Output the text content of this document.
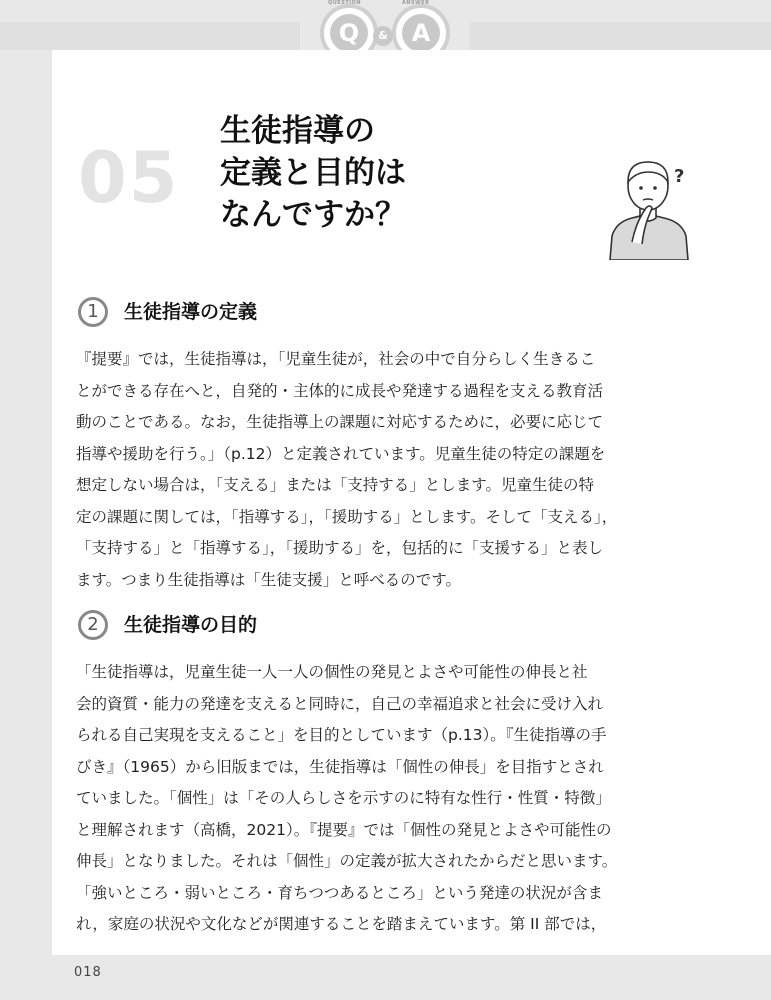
Q	& A
QUESTION	ANSWER
05
生徒指導の
定義と目的は
なんですか？
?
1	生徒指導の定義
『提要』では，生徒指導は，「児童生徒が，社会の中で自分らしく生きるこ
とができる存在へと，自発的・主体的に成長や発達する過程を支える教育活
動のことである。なお，生徒指導上の課題に対応するために，必要に応じて
指導や援助を行う。」（p.12）と定義されています。児童生徒の特定の課題を
想定しない場合は，「支える」または「支持する」とします。児童生徒の特
定の課題に関しては，「指導する」，「援助する」とします。そして「支える」，
「支持する」と「指導する」，「援助する」を，包括的に「支援する」と表し
ます。つまり生徒指導は「生徒支援」と呼べるのです。
2	生徒指導の目的
「生徒指導は，児童生徒一人一人の個性の発見とよさや可能性の伸長と社
会的資質・能力の発達を支えると同時に，自己の幸福追求と社会に受け入れ
られる自己実現を支えること」を目的としています（p.13）。『生徒指導の手
びき』（1965）から旧版までは，生徒指導は「個性の伸長」を目指すとされ
ていました。「個性」は「その人らしさを示すのに特有な性行・性質・特徴」
と理解されます（高橋，2021）。『提要』では「個性の発見とよさや可能性の
伸長」となりました。それは「個性」の定義が拡大されたからだと思います。
「強いところ・弱いところ・育ちつつあるところ」という発達の状況が含ま
れ，家庭の状況や文化などが関連することを踏まえています。第 II 部では，
018
